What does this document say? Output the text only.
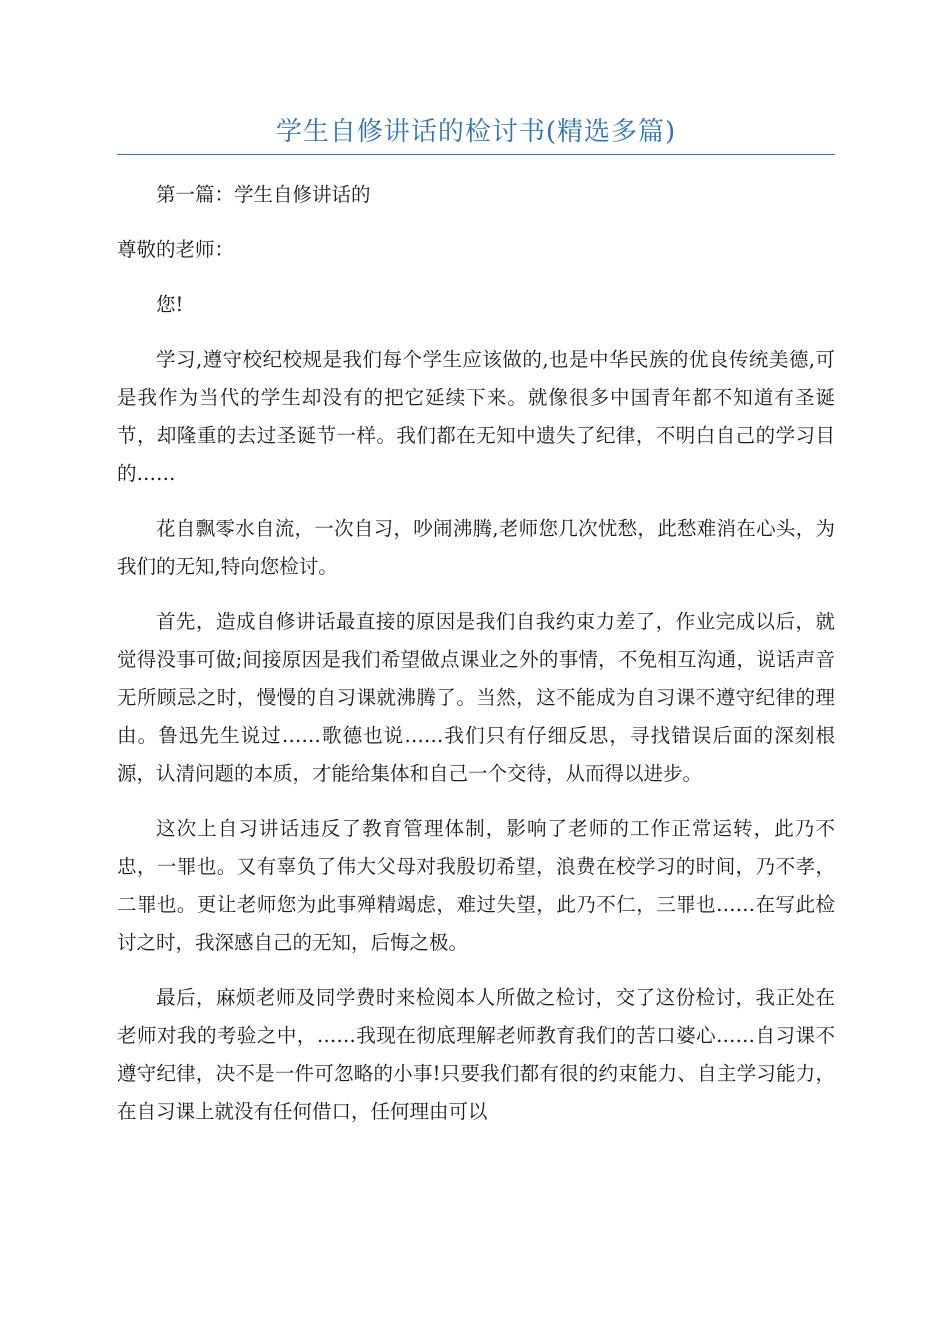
学生自修讲话的检讨书(精选多篇)

第一篇：学生自修讲话的

尊敬的老师：

您!

学习,遵守校纪校规是我们每个学生应该做的,也是中华民族的优良传统美德,可是我作为当代的学生却没有的把它延续下来。就像很多中国青年都不知道有圣诞节，却隆重的去过圣诞节一样。我们都在无知中遗失了纪律，不明白自己的学习目的……

花自飘零水自流，一次自习，吵闹沸腾,老师您几次忧愁，此愁难消在心头，为我们的无知,特向您检讨。

首先，造成自修讲话最直接的原因是我们自我约束力差了，作业完成以后，就觉得没事可做;间接原因是我们希望做点课业之外的事情，不免相互沟通，说话声音无所顾忌之时，慢慢的自习课就沸腾了。当然，这不能成为自习课不遵守纪律的理由。鲁迅先生说过……歌德也说……我们只有仔细反思，寻找错误后面的深刻根源，认清问题的本质，才能给集体和自己一个交待，从而得以进步。

这次上自习讲话违反了教育管理体制，影响了老师的工作正常运转，此乃不忠，一罪也。又有辜负了伟大父母对我殷切希望，浪费在校学习的时间，乃不孝，二罪也。更让老师您为此事殚精竭虑，难过失望，此乃不仁，三罪也……在写此检讨之时，我深感自己的无知，后悔之极。

最后，麻烦老师及同学费时来检阅本人所做之检讨，交了这份检讨，我正处在老师对我的考验之中，……我现在彻底理解老师教育我们的苦口婆心……自习课不遵守纪律，决不是一件可忽略的小事!只要我们都有很的约束能力、自主学习能力，在自习课上就没有任何借口，任何理由可以
